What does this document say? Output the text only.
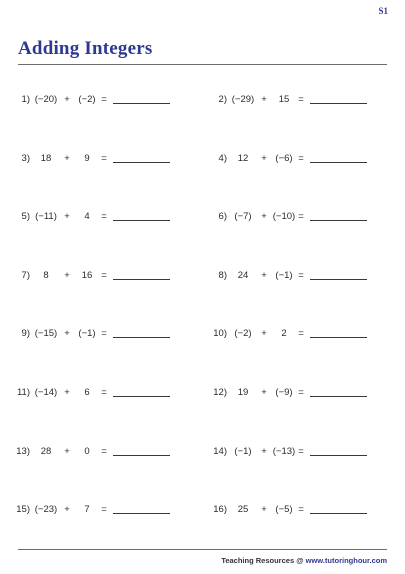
S1
Adding Integers
1) (−20) + (−2) =	2) (−29) +	15 =
3)	18	+	9	=	4)	12	+ (−6) =
5) (−11) +	4	=	6) (−7)	+ (−10) =
7)	8	+	16 =	8)	24	+ (−1) =
9) (−15) + (−1) =	10) (−2)	+	2	=
11) (−14) +	6	=	12)	19	+ (−9) =
13)	28	+	0	=	14) (−1)	+ (−13) =
15) (−23) +	7	=	16)	25	+ (−5) =
Teaching Resources @ www.tutoringhour.com
